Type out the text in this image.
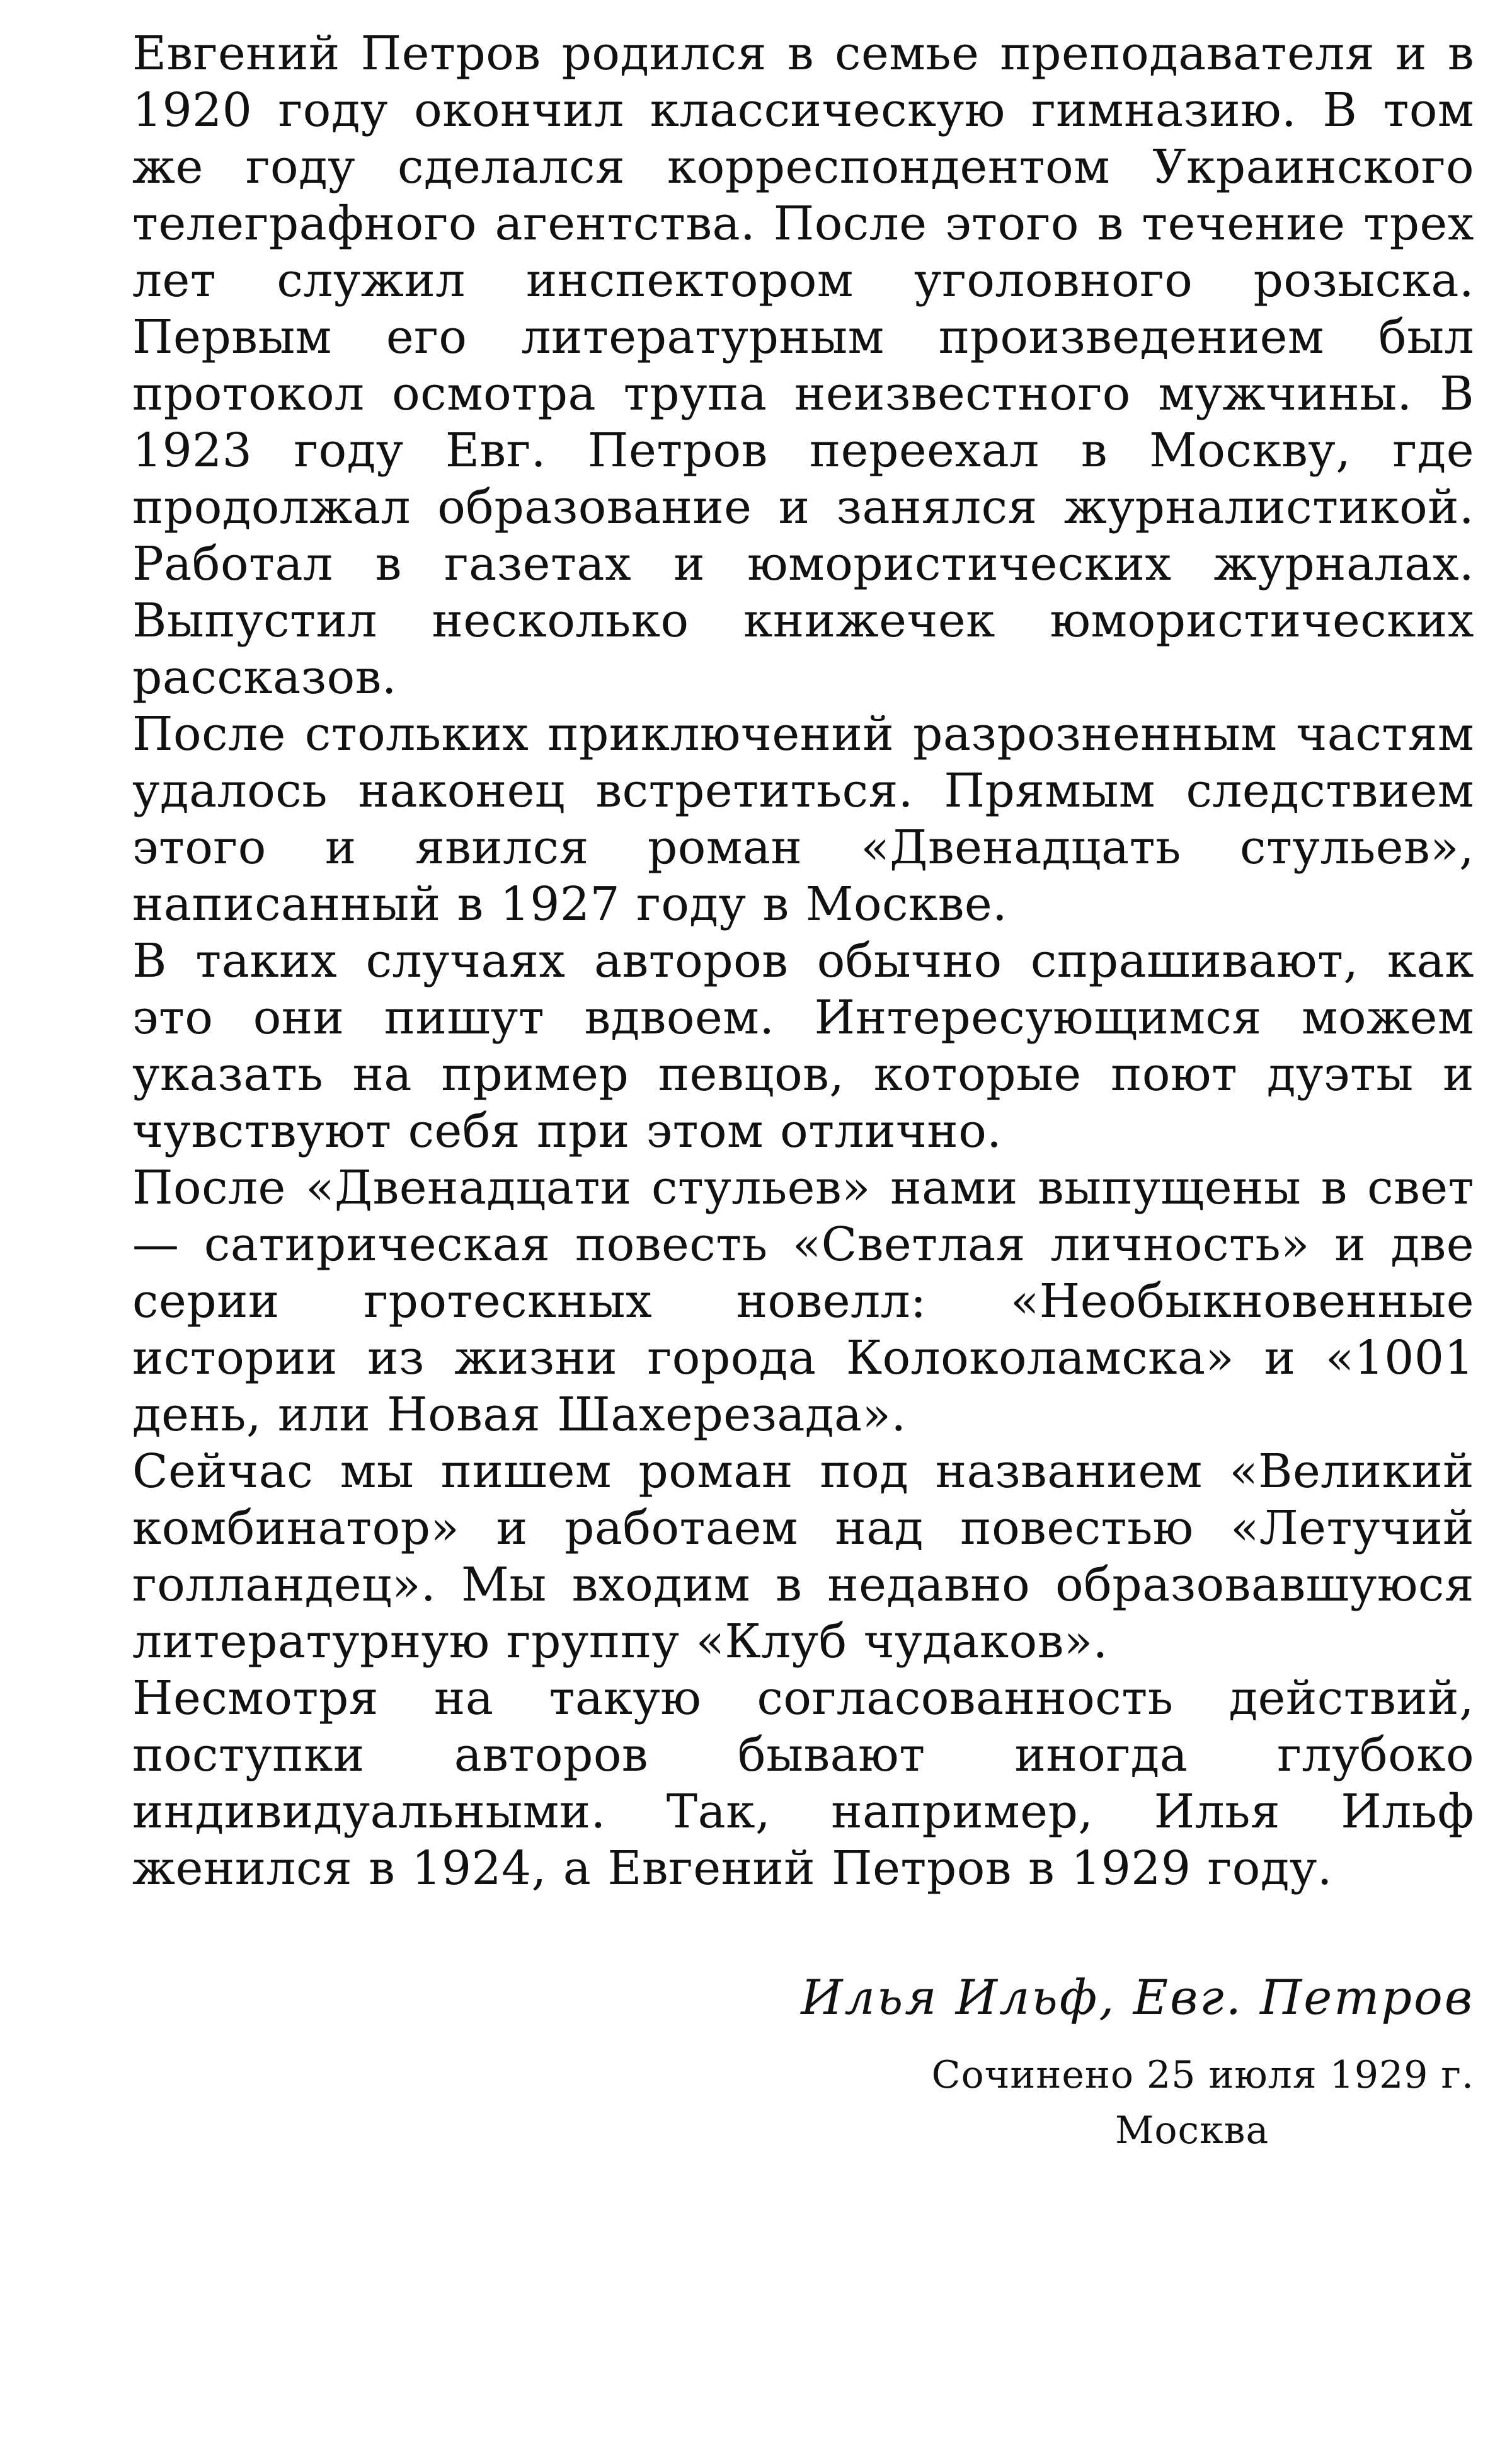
Евгений Петров родился в семье преподавателя и в 1920 году окончил классическую гимназию. В том же году сделался корреспондентом Украинского телеграфного агентства. После этого в течение трех лет служил инспектором уголовного розыска. Первым его литературным произведением был протокол осмотра трупа неизвестного мужчины. В 1923 году Евг. Петров переехал в Москву, где продолжал образование и занялся журналистикой. Работал в газетах и юмористических журналах. Выпустил несколько книжечек юмористических рассказов.

После стольких приключений разрозненным частям удалось наконец встретиться. Прямым следствием этого и явился роман «Двенадцать стульев», написанный в 1927 году в Москве.

В таких случаях авторов обычно спрашивают, как это они пишут вдвоем. Интересующимся можем указать на пример певцов, которые поют дуэты и чувствуют себя при этом отлично.

После «Двенадцати стульев» нами выпущены в свет — сатирическая повесть «Светлая личность» и две серии гротескных новелл: «Необыкновенные истории из жизни города Колоколамска» и «1001 день, или Новая Шахерезада».

Сейчас мы пишем роман под названием «Великий комбинатор» и работаем над повестью «Летучий голландец». Мы входим в недавно образовавшуюся литературную группу «Клуб чудаков».

Несмотря на такую согласованность действий, поступки авторов бывают иногда глубоко индивидуальными. Так, например, Илья Ильф женился в 1924, а Евгений Петров в 1929 году.

Илья Ильф, Евг. Петров
Сочинено 25 июля 1929 г.
Москва
